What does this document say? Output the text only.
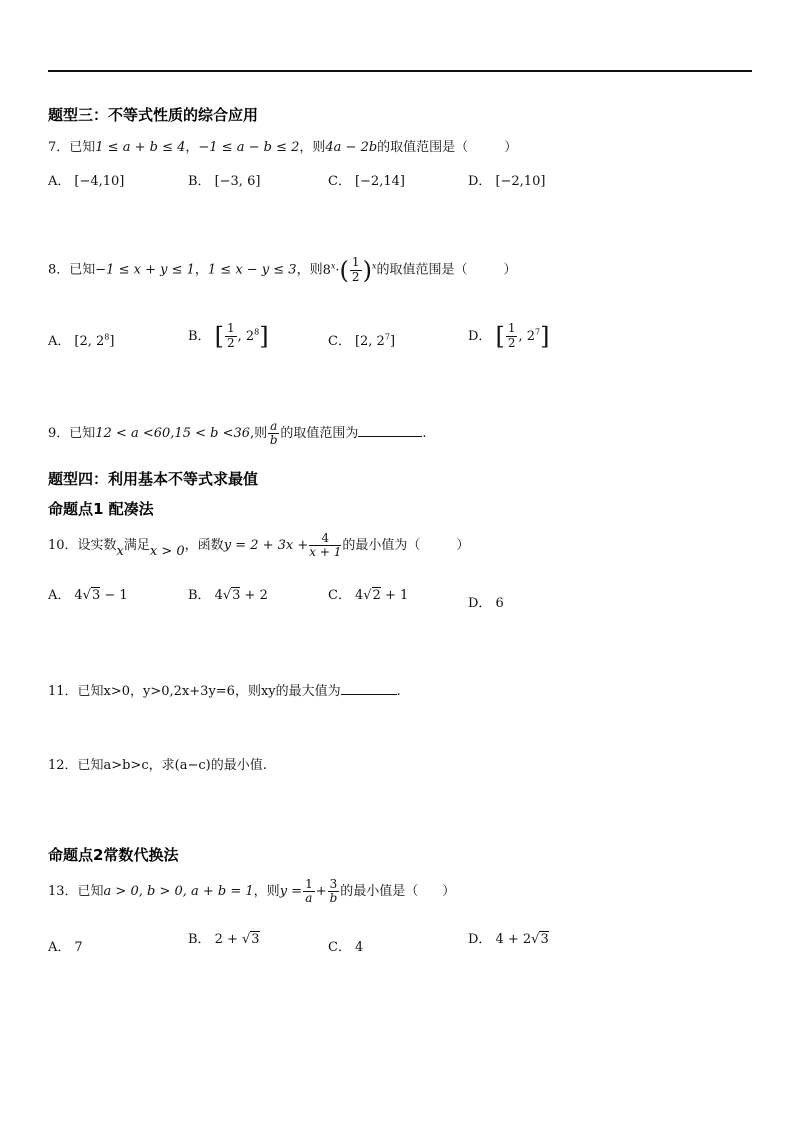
题型三：不等式性质的综合应用
7．已知1 ≤ a + b ≤ 4，−1 ≤ a − b ≤ 2，则4a − 2b的取值范围是（	）
A． [−4,10]	B． [−3, 6]	C． [−2,14]	D． [−2,10]
8．已知−1 ≤ x + y ≤ 1，1 ≤ x − y ≤ 3，则$8^x\cdot( \frac{1}{2} )^x$的取值范围是（	）
A． [2, $2^8$]	B． [ $\frac{1}{2}$ , $2^8$]	C． [2, $2^7$]	D． [ $\frac{1}{2}$ , $2^7$]
9．已知12 < a <60,15 < b <36,则 $\frac{a}{b}$ 的取值范围为	.
题型四：利用基本不等式求最值
命题点1 配凑法
10．设实数x满足x > 0，函数$y = 2 + 3x + \frac{4}{x + 1}$ 的最小值为（	）
A． 4√3 − 1	B． 4√3 + 2	C． 4√2 + 1
D． 6
11．已知x>0，y>0,2x+3y=6，则xy的最大值为	.
12．已知a>b>c，求(a−c)的最小值.
命题点2常数代换法
13．已知a > 0, b > 0, a + b = 1，则$y = \frac{1}{a} + \frac{3}{b}$ 的最小值是（ ）
A． 7
B． 2 + √3
C． 4
D． 4 + 2√3
